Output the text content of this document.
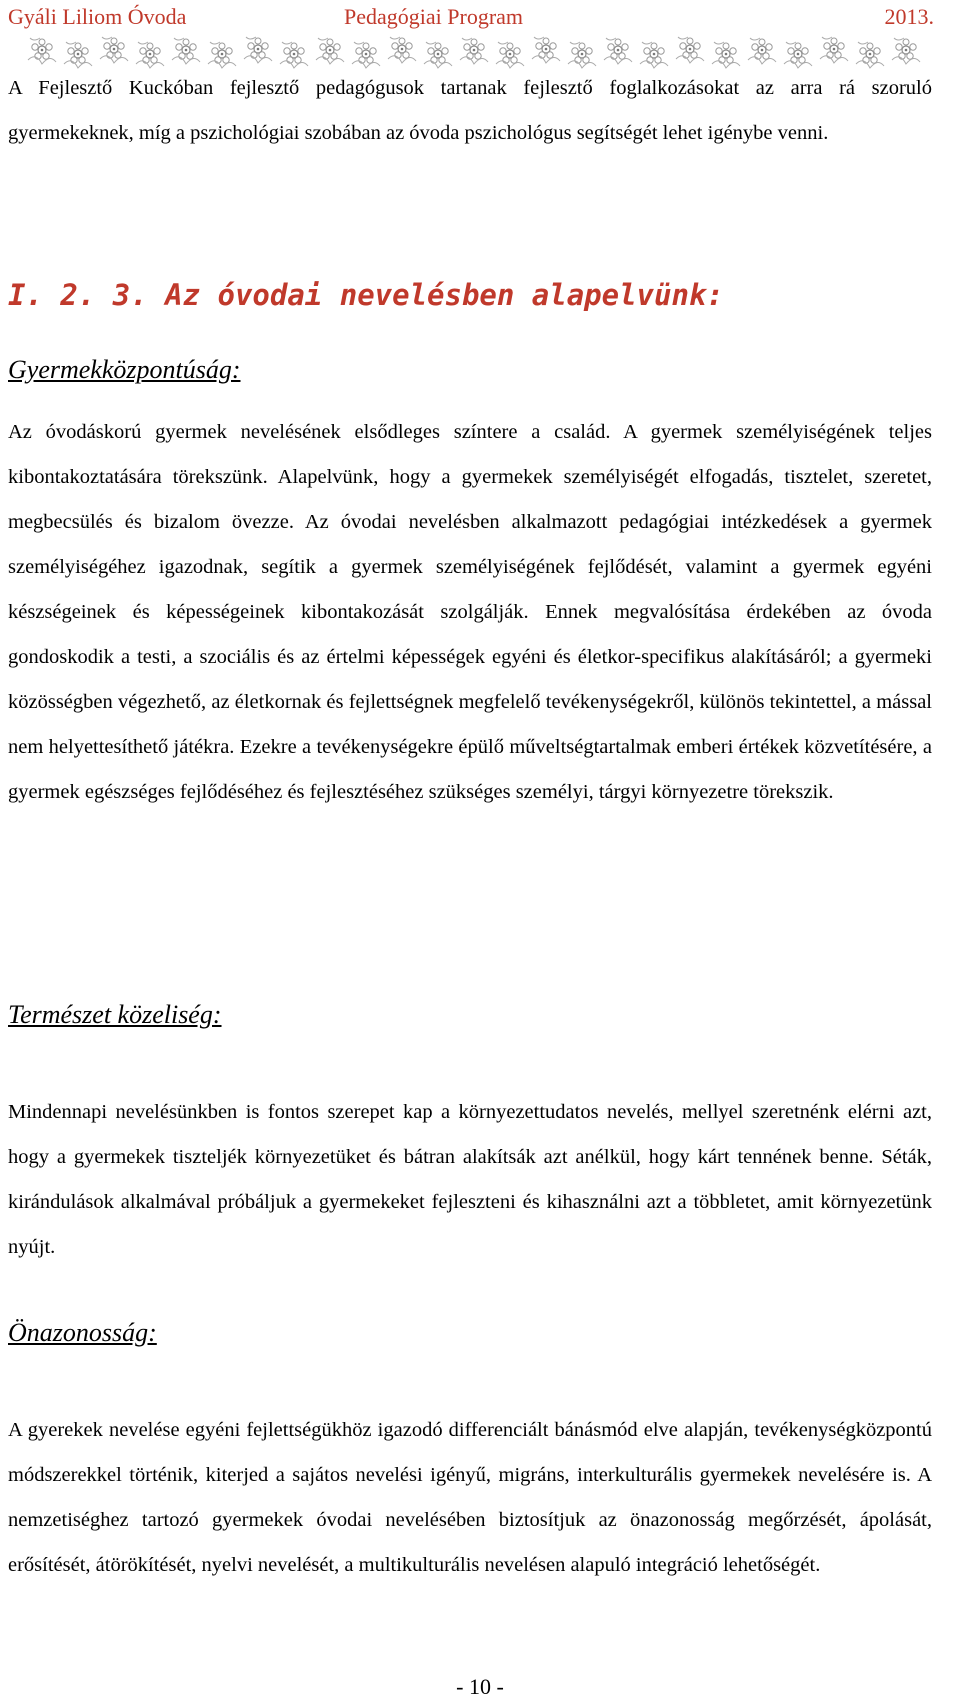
Gyáli Liliom Óvoda	Pedagógiai Program	2013.

A Fejlesztő Kuckóban fejlesztő pedagógusok tartanak fejlesztő foglalkozásokat az arra rá szoruló gyermekeknek, míg a pszichológiai szobában az óvoda pszichológus segítségét lehet igénybe venni.

I. 2. 3. Az óvodai nevelésben alapelvünk:
Gyermekközpontúság:

Az óvodáskorú gyermek nevelésének elsődleges színtere a család. A gyermek személyiségének teljes kibontakoztatására törekszünk. Alapelvünk, hogy a gyermekek személyiségét elfogadás, tisztelet, szeretet, megbecsülés és bizalom övezze. Az óvodai nevelésben alkalmazott pedagógiai intézkedések a gyermek személyiségéhez igazodnak, segítik a gyermek személyiségének fejlődését, valamint a gyermek egyéni készségeinek és képességeinek kibontakozását szolgálják. Ennek megvalósítása érdekében az óvoda gondoskodik a testi, a szociális és az értelmi képességek egyéni és életkor-specifikus alakításáról; a gyermeki közösségben végezhető, az életkornak és fejlettségnek megfelelő tevékenységekről, különös tekintettel, a mással nem helyettesíthető játékra. Ezekre a tevékenységekre épülő műveltségtartalmak emberi értékek közvetítésére, a gyermek egészséges fejlődéséhez és fejlesztéséhez szükséges személyi, tárgyi környezetre törekszik.

Természet közeliség:

Mindennapi nevelésünkben is fontos szerepet kap a környezettudatos nevelés, mellyel szeretnénk elérni azt, hogy a gyermekek tiszteljék környezetüket és bátran alakítsák azt anélkül, hogy kárt tennének benne. Séták, kirándulások alkalmával próbáljuk a gyermekeket fejleszteni és kihasználni azt a többletet, amit környezetünk nyújt.

Önazonosság:

A gyerekek nevelése egyéni fejlettségükhöz igazodó differenciált bánásmód elve alapján, tevékenységközpontú módszerekkel történik, kiterjed a sajátos nevelési igényű, migráns, interkulturális gyermekek nevelésére is. A nemzetiséghez tartozó gyermekek óvodai nevelésében biztosítjuk az önazonosság megőrzését, ápolását, erősítését, átörökítését, nyelvi nevelését, a multikulturális nevelésen alapuló integráció lehetőségét.

- 10 -
